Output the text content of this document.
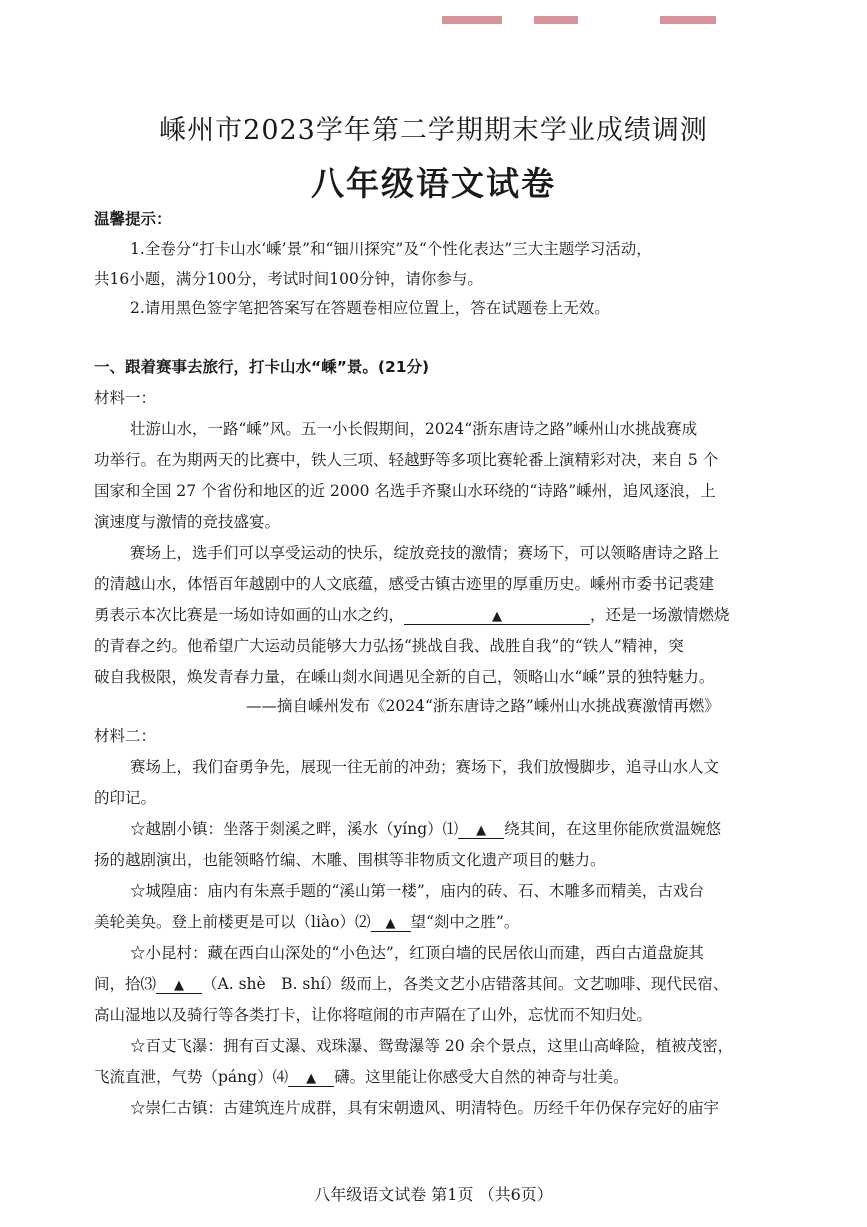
嵊州市2023学年第二学期期末学业成绩调测
八年级语文试卷
温馨提示：
1.全卷分“打卡山水‘嵊’景”和“钿川探究”及“个性化表达”三大主题学习活动，
共16小题，满分100分，考试时间100分钟，请你参与。
2.请用黑色签字笔把答案写在答题卷相应位置上，答在试题卷上无效。
一、跟着赛事去旅行，打卡山水“嵊”景。(21分)
材料一：
壮游山水，一路“嵊”风。五一小长假期间，2024“浙东唐诗之路”嵊州山水挑战赛成
功举行。在为期两天的比赛中，铁人三项、轻越野等多项比赛轮番上演精彩对决，来自 5 个
国家和全国 27 个省份和地区的近 2000 名选手齐聚山水环绕的“诗路”嵊州，追风逐浪，上
演速度与激情的竞技盛宴。
赛场上，选手们可以享受运动的快乐，绽放竞技的激情；赛场下，可以领略唐诗之路上
的清越山水，体悟百年越剧中的人文底蕴，感受古镇古迹里的厚重历史。嵊州市委书记裘建
勇表示本次比赛是一场如诗如画的山水之约，	▲	，还是一场激情燃烧
的青春之约。他希望广大运动员能够大力弘扬“挑战自我、战胜自我”的“铁人”精神，突
破自我极限，焕发青春力量，在嵊山剡水间遇见全新的自己，领略山水“嵊”景的独特魅力。
——摘自嵊州发布《2024“浙东唐诗之路”嵊州山水挑战赛激情再燃》
材料二：
赛场上，我们奋勇争先，展现一往无前的冲劲；赛场下，我们放慢脚步，追寻山水人文
的印记。
☆越剧小镇：坐落于剡溪之畔，溪水（yíng）⑴ ▲ 绕其间，在这里你能欣赏温婉悠
扬的越剧演出，也能领略竹编、木雕、围棋等非物质文化遗产项目的魅力。
☆城隍庙：庙内有朱熹手题的“溪山第一楼”，庙内的砖、石、木雕多而精美，古戏台
美轮美奂。登上前楼更是可以（liào）⑵ ▲ 望“剡中之胜”。
☆小昆村：藏在西白山深处的“小色达”，红顶白墙的民居依山而建，西白古道盘旋其
间，拾⑶ ▲ （A. shè　B. shí）级而上，各类文艺小店错落其间。文艺咖啡、现代民宿、
高山湿地以及骑行等各类打卡，让你将喧闹的市声隔在了山外，忘忧而不知归处。
☆百丈飞瀑：拥有百丈瀑、戏珠瀑、鸳鸯瀑等 20 余个景点，这里山高峰险，植被茂密，
飞流直泄，气势（páng）⑷ ▲ 礴。这里能让你感受大自然的神奇与壮美。
☆崇仁古镇：古建筑连片成群，具有宋朝遗风、明清特色。历经千年仍保存完好的庙宇
八年级语文试卷 第1页 （共6页）
